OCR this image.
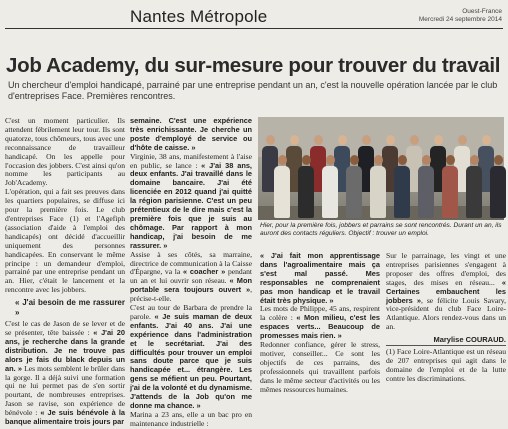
Nantes Métropole	Ouest-France
Mercredi 24 septembre 2014
Job Academy, du sur-mesure pour trouver du travail
Un chercheur d'emploi handicapé, parrainé par une entreprise pendant un an, c'est la nouvelle opération lancée par le club d'entreprises Face. Premières rencontres.

C'est un moment particulier. Ils attendent fébrilement leur tour. Ils sont quatorze, tous chômeurs, tous avec une reconnaissance de travailleur handicapé. On les appelle pour l'occasion des jobbers. C'est ainsi qu'on nomme les participants au Job'Academy.

L'opération, qui a fait ses preuves dans les quartiers populaires, se diffuse ici pour la première fois. Le club d'entreprises Face (1) et l'Agefiph (association d'aide à l'emploi des handicapés) ont décidé d'accueillir uniquement des personnes handicapées. En conservant le même principe : un demandeur d'emploi, parrainé par une entreprise pendant un an. Hier, c'était le lancement et la rencontre avec les jobbers.

« J'ai besoin de me rassurer »

C'est le cas de Jason de se lever et de se présenter, tête baissée : « J'ai 20 ans, je recherche dans la grande distribution. Je ne trouve pas alors je fais du black depuis un an. » Les mots semblent le brûler dans la gorge. Il a déjà suivi une formation qui ne lui permet pas de s'en sortir pourtant, de nombreuses entreprises. Jason se ravise, son expérience de bénévole : « Je suis bénévole à la banque alimentaire trois jours par

semaine. C'est une expérience très enrichissante. Je cherche un poste d'employé de service ou d'hôte de caisse. »

Virginie, 38 ans, manifestement à l'aise en public, se lance : « J'ai 38 ans, deux enfants. J'ai travaillé dans le domaine bancaire. J'ai été licenciée en 2012 quand j'ai quitté la région parisienne. C'est un peu prétentieux de le dire mais c'est la première fois que je suis au chômage. Par rapport à mon handicap, j'ai besoin de me rassurer. »

Assise à ses côtés, sa marraine, directrice de communication à la Caisse d'Épargne, va la « coacher » pendant un an et lui ouvrir son réseau. « Mon portable sera toujours ouvert », précise-t-elle.

C'est au tour de Barbara de prendre la parole. « Je suis maman de deux enfants. J'ai 40 ans. J'ai une expérience dans l'administration et le secrétariat. J'ai des difficultés pour trouver un emploi sans doute parce que je suis handicapée et... étrangère. Les gens se méfient un peu. Pourtant, j'ai de la volonté et du dynamisme. J'attends de la Job qu'on me donne ma chance. »

Marina a 23 ans, elle a un bac pro en maintenance industrielle :

Hier, pour la première fois, jobbers et parrains se sont rencontrés. Durant un an, ils auront des contacts réguliers. Objectif : trouver un emploi.

« J'ai fait mon apprentissage dans l'agroalimentaire mais ça s'est mal passé. Mes responsables ne comprenaient pas mon handicap et le travail était très physique. »

Les mots de Philippe, 45 ans, respirent la colère : « Mon milieu, c'est les espaces verts... Beaucoup de promesses mais rien. »

Redonner confiance, gérer le stress, motiver, conseiller... Ce sont les objectifs de ces parrains, des professionnels qui travaillent parfois dans le même secteur d'activités ou les mêmes ressources humaines.

Sur le parrainage, les vingt et une entreprises parisiennes s'engagent à proposer des offres d'emploi, des stages, des mises en réseau... « Certaines embauchent les jobbers », se félicite Louis Savary, vice-président du club Face Loire-Atlantique. Alors rendez-vous dans un an.

Marylise COURAUD.

(1) Face Loire-Atlantique est un réseau de 207 entreprises qui agit dans le domaine de l'emploi et de la lutte contre les discriminations.
